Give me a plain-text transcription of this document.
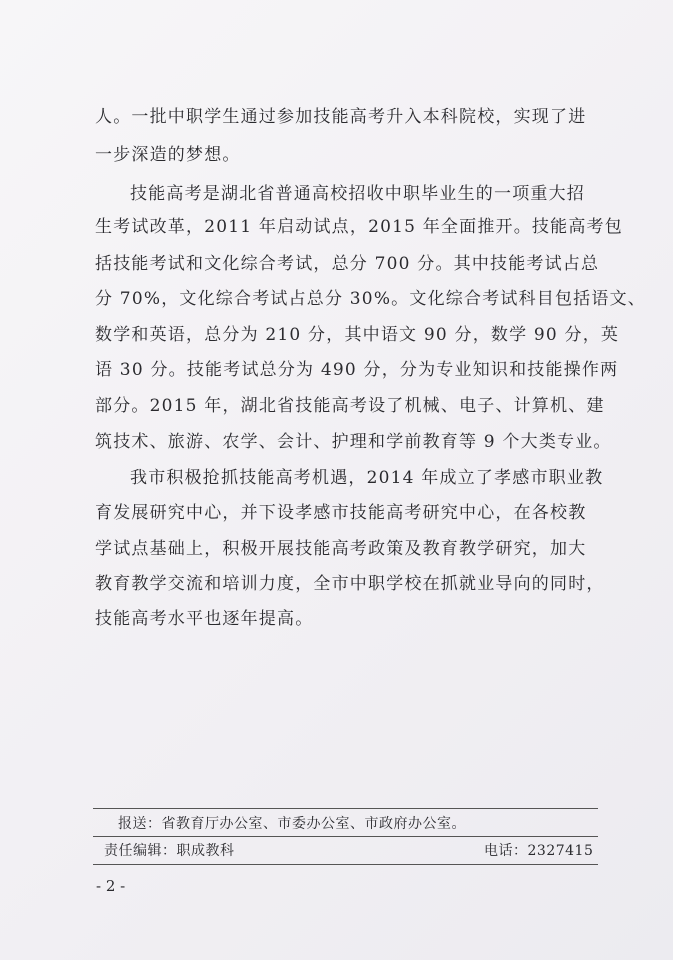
人。一批中职学生通过参加技能高考升入本科院校，实现了进
一步深造的梦想。
技能高考是湖北省普通高校招收中职毕业生的一项重大招
生考试改革，2011 年启动试点，2015 年全面推开。技能高考包
括技能考试和文化综合考试，总分 700 分。其中技能考试占总
分 70%，文化综合考试占总分 30%。文化综合考试科目包括语文、
数学和英语，总分为 210 分，其中语文 90 分，数学 90 分，英
语 30 分。技能考试总分为 490 分，分为专业知识和技能操作两
部分。2015 年，湖北省技能高考设了机械、电子、计算机、建
筑技术、旅游、农学、会计、护理和学前教育等 9 个大类专业。
我市积极抢抓技能高考机遇，2014 年成立了孝感市职业教
育发展研究中心，并下设孝感市技能高考研究中心，在各校教
学试点基础上，积极开展技能高考政策及教育教学研究，加大
教育教学交流和培训力度，全市中职学校在抓就业导向的同时，
技能高考水平也逐年提高。
报送：省教育厅办公室、市委办公室、市政府办公室。
责任编辑：职成教科	电话：2327415
- 2 -
